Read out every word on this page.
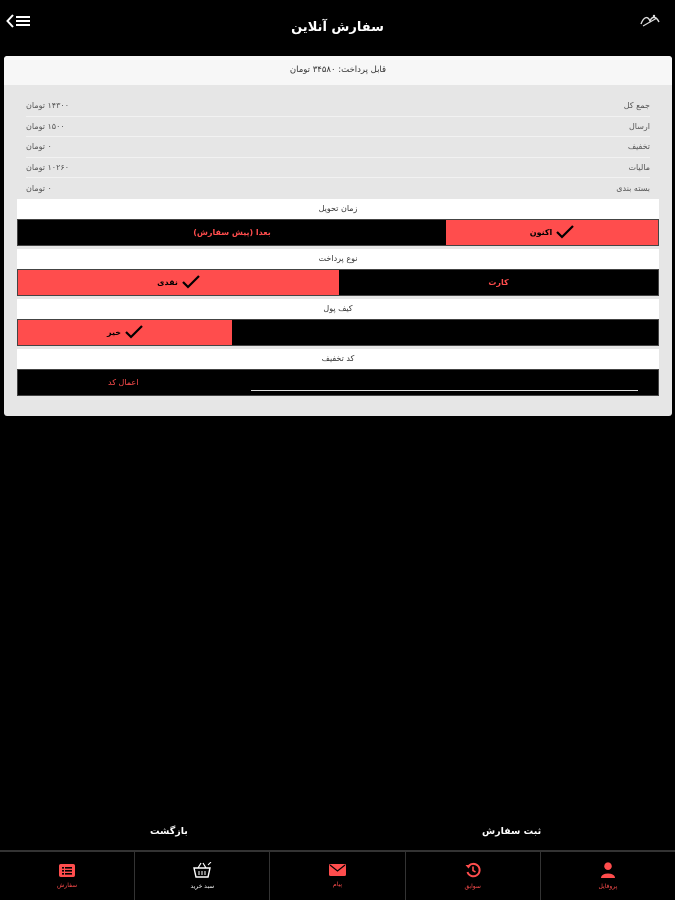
سفارش آنلاین
قابل پرداخت: ۳۴۵۸۰ تومان
۱۴۳۰۰ تومان	جمع کل
۱۵۰۰ تومان	ارسال
۰ تومان	تخفیف
۱۰۲۶۰ تومان	مالیات
۰ تومان	بسته بندی
زمان تحویل
بعدا (پیش سفارش)	اکنون
نوع پرداخت
نقدی	کارت
کیف پول
خیر
کد تخفیف
اعمال کد
بازگشت	ثبت سفارش
سفارش	سبد خرید	پیام	سوابق	پروفایل
